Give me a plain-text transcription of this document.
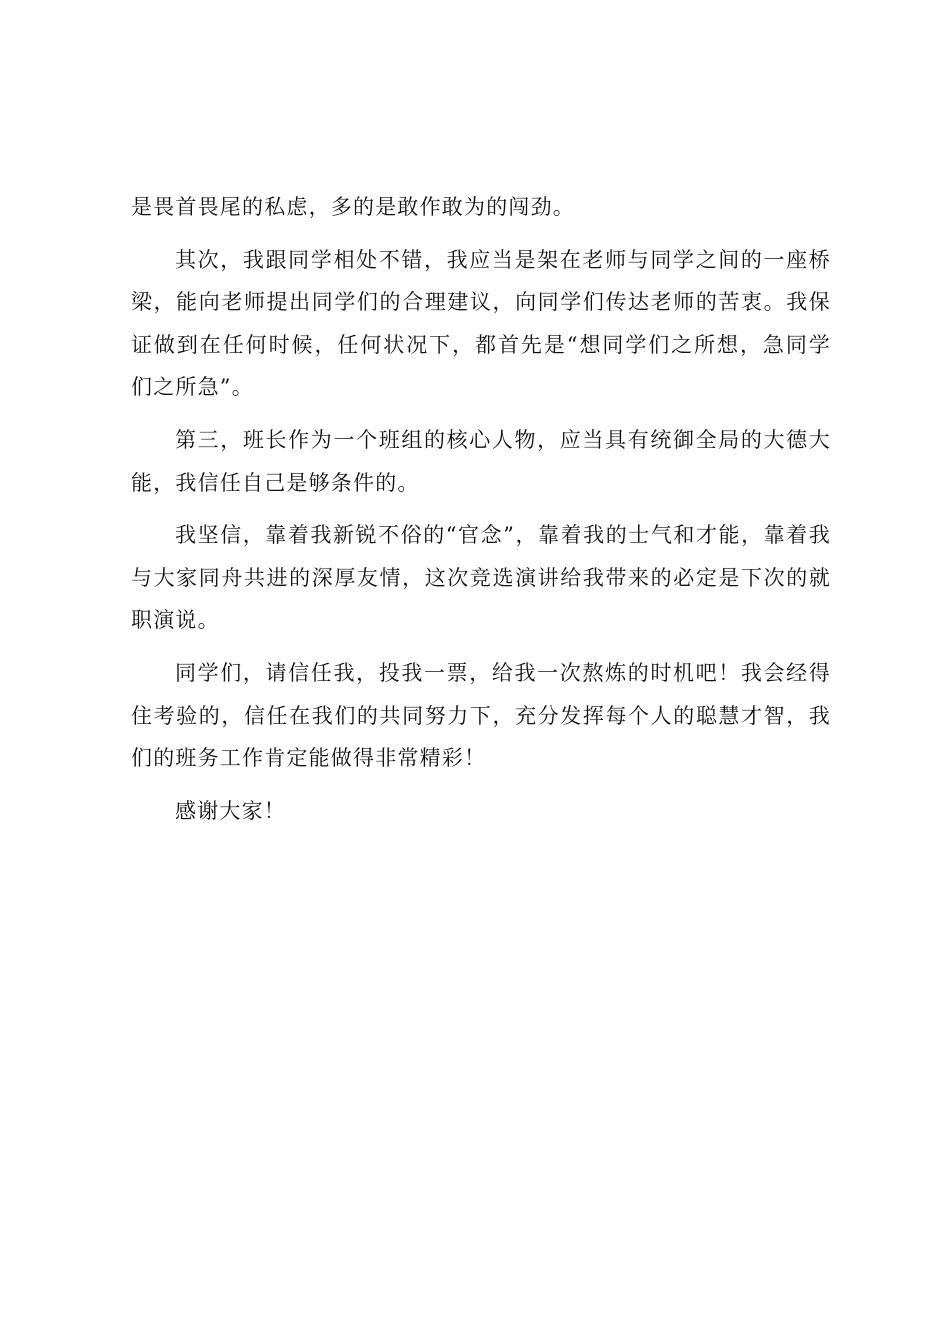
是畏首畏尾的私虑，多的是敢作敢为的闯劲。

其次，我跟同学相处不错，我应当是架在老师与同学之间的一座桥梁，能向老师提出同学们的合理建议，向同学们传达老师的苦衷。我保证做到在任何时候，任何状况下，都首先是“想同学们之所想，急同学们之所急”。

第三，班长作为一个班组的核心人物，应当具有统御全局的大德大能，我信任自己是够条件的。

我坚信，靠着我新锐不俗的“官念”，靠着我的士气和才能，靠着我与大家同舟共进的深厚友情，这次竞选演讲给我带来的必定是下次的就职演说。

同学们，请信任我，投我一票，给我一次熬炼的时机吧！我会经得住考验的，信任在我们的共同努力下，充分发挥每个人的聪慧才智，我们的班务工作肯定能做得非常精彩！

感谢大家！
